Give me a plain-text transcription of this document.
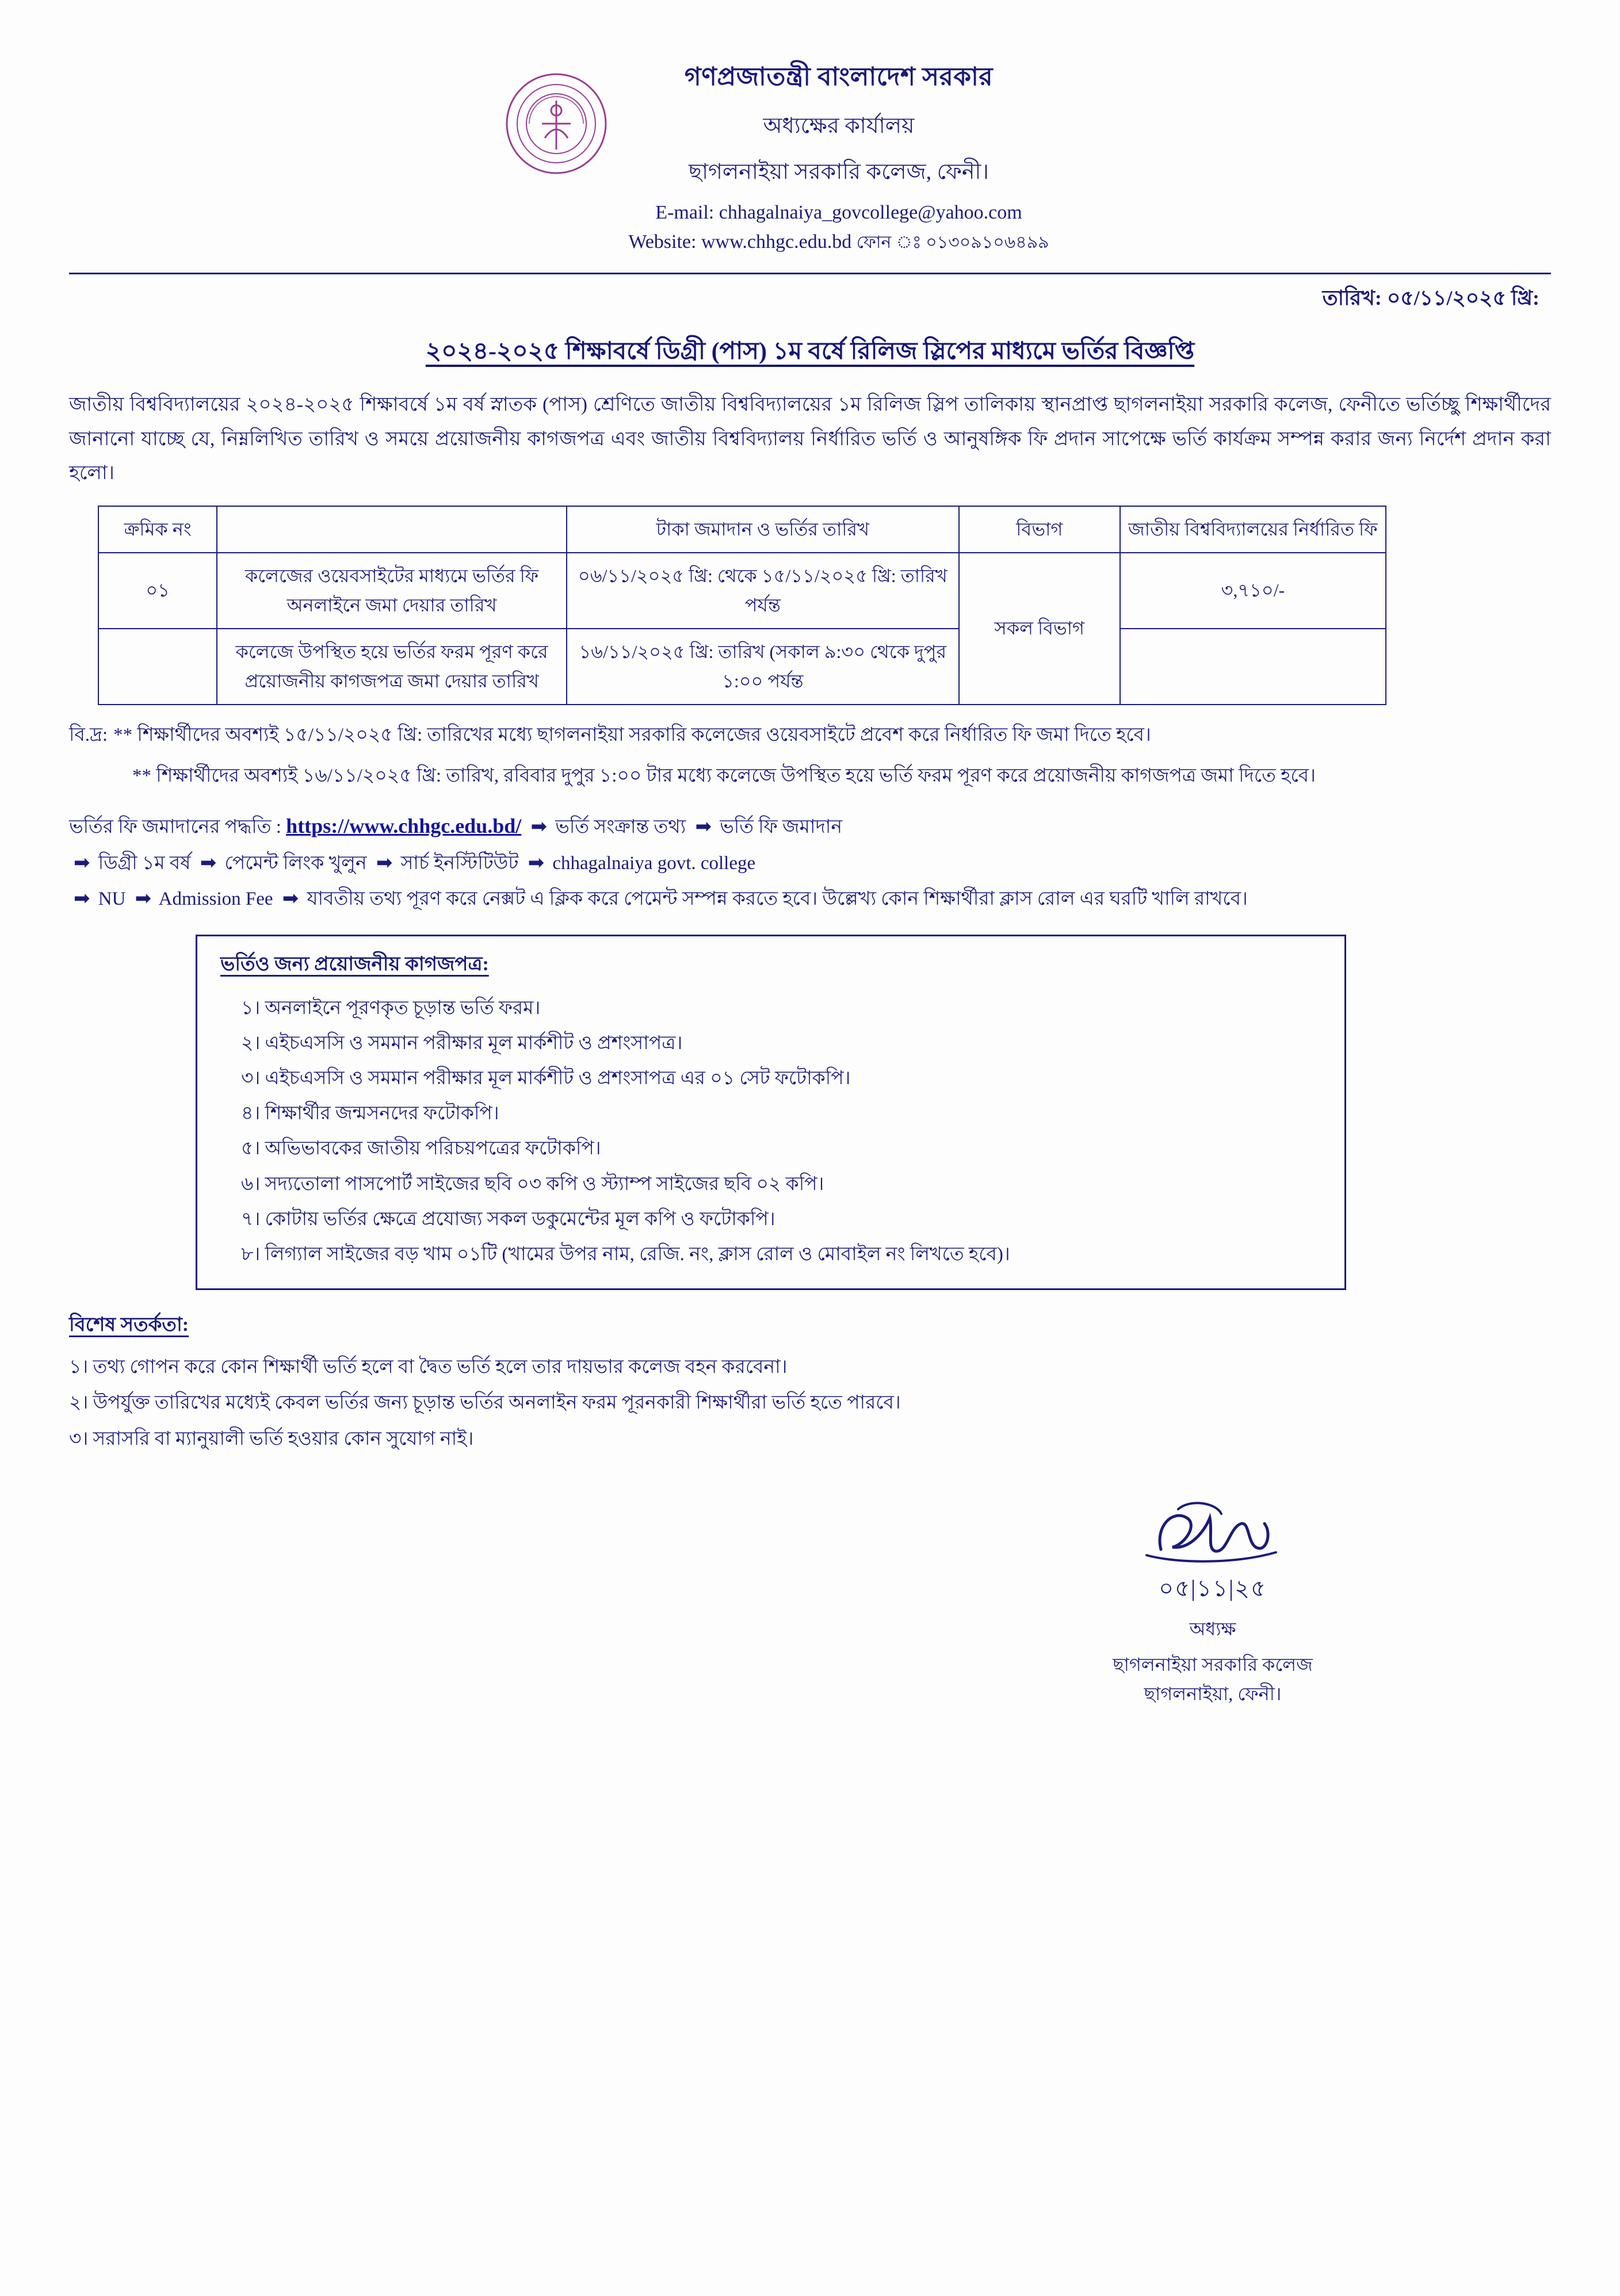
গণপ্রজাতন্ত্রী বাংলাদেশ সরকার
অধ্যক্ষের কার্যালয়
ছাগলনাইয়া সরকারি কলেজ, ফেনী।
E-mail: chhagalnaiya_govcollege@yahoo.com
Website: www.chhgc.edu.bd ফোন ঃ ০১৩০৯১০৬৪৯৯
তারিখ: ০৫/১১/২০২৫ খ্রি:
২০২৪-২০২৫ শিক্ষাবর্ষে ডিগ্রী (পাস) ১ম বর্ষে রিলিজ স্লিপের মাধ্যমে ভর্তির বিজ্ঞপ্তি

জাতীয় বিশ্ববিদ্যালয়ের ২০২৪-২০২৫ শিক্ষাবর্ষে ১ম বর্ষ স্নাতক (পাস) শ্রেণিতে জাতীয় বিশ্ববিদ্যালয়ের ১ম রিলিজ স্লিপ তালিকায় স্থানপ্রাপ্ত ছাগলনাইয়া সরকারি কলেজ, ফেনীতে ভর্তিচ্ছু শিক্ষার্থীদের জানানো যাচ্ছে যে, নিম্নলিখিত তারিখ ও সময়ে প্রয়োজনীয় কাগজপত্র এবং জাতীয় বিশ্ববিদ্যালয় নির্ধারিত ভর্তি ও আনুষঙ্গিক ফি প্রদান সাপেক্ষে ভর্তি কার্যক্রম সম্পন্ন করার জন্য নির্দেশ প্রদান করা হলো।

ক্রমিক নং		টাকা জমাদান ও ভর্তির তারিখ	বিভাগ	জাতীয় বিশ্ববিদ্যালয়ের নির্ধারিত ফি
০১	কলেজের ওয়েবসাইটের মাধ্যমে ভর্তির ফি অনলাইনে জমা দেয়ার তারিখ	০৬/১১/২০২৫ খ্রি: থেকে ১৫/১১/২০২৫ খ্রি: তারিখ পর্যন্ত	সকল বিভাগ	৩,৭১০/-
	কলেজে উপস্থিত হয়ে ভর্তির ফরম পূরণ করে প্রয়োজনীয় কাগজপত্র জমা দেয়ার তারিখ	১৬/১১/২০২৫ খ্রি: তারিখ (সকাল ৯:৩০ থেকে দুপুর ১:০০ পর্যন্ত		
বি.দ্র: ** শিক্ষার্থীদের অবশ্যই ১৫/১১/২০২৫ খ্রি: তারিখের মধ্যে ছাগলনাইয়া সরকারি কলেজের ওয়েবসাইটে প্রবেশ করে নির্ধারিত ফি জমা দিতে হবে।
** শিক্ষার্থীদের অবশ্যই ১৬/১১/২০২৫ খ্রি: তারিখ, রবিবার দুপুর ১:০০ টার মধ্যে কলেজে উপস্থিত হয়ে ভর্তি ফরম পূরণ করে প্রয়োজনীয় কাগজপত্র জমা দিতে হবে।
ভর্তির ফি জমাদানের পদ্ধতি : https://www.chhgc.edu.bd/ ➡ ভর্তি সংক্রান্ত তথ্য ➡ ভর্তি ফি জমাদান
➡ ডিগ্রী ১ম বর্ষ ➡ পেমেন্ট লিংক খুলুন ➡ সার্চ ইনস্টিটিউট ➡ chhagalnaiya govt. college
➡ NU ➡ Admission Fee ➡ যাবতীয় তথ্য পূরণ করে নেক্সট এ ক্লিক করে পেমেন্ট সম্পন্ন করতে হবে। উল্লেখ্য কোন শিক্ষার্থীরা ক্লাস রোল এর ঘরটি খালি রাখবে।
ভর্তিও জন্য প্রয়োজনীয় কাগজপত্র:
১। অনলাইনে পূরণকৃত চূড়ান্ত ভর্তি ফরম।
২। এইচএসসি ও সমমান পরীক্ষার মূল মার্কশীট ও প্রশংসাপত্র।
৩। এইচএসসি ও সমমান পরীক্ষার মূল মার্কশীট ও প্রশংসাপত্র এর ০১ সেট ফটোকপি।
৪। শিক্ষার্থীর জন্মসনদের ফটোকপি।
৫। অভিভাবকের জাতীয় পরিচয়পত্রের ফটোকপি।
৬। সদ্যতোলা পাসপোর্ট সাইজের ছবি ০৩ কপি ও স্ট্যাম্প সাইজের ছবি ০২ কপি।
৭। কোটায় ভর্তির ক্ষেত্রে প্রযোজ্য সকল ডকুমেন্টের মূল কপি ও ফটোকপি।
৮। লিগ্যাল সাইজের বড় খাম ০১টি (খামের উপর নাম, রেজি. নং, ক্লাস রোল ও মোবাইল নং লিখতে হবে)।
বিশেষ সতর্কতা:
১। তথ্য গোপন করে কোন শিক্ষার্থী ভর্তি হলে বা দ্বৈত ভর্তি হলে তার দায়ভার কলেজ বহন করবেনা।
২। উপর্যুক্ত তারিখের মধ্যেই কেবল ভর্তির জন্য চূড়ান্ত ভর্তির অনলাইন ফরম পূরনকারী শিক্ষার্থীরা ভর্তি হতে পারবে।
৩। সরাসরি বা ম্যানুয়ালী ভর্তি হওয়ার কোন সুযোগ নাই।
০৫|১১|২৫
অধ্যক্ষ
ছাগলনাইয়া সরকারি কলেজ
ছাগলনাইয়া, ফেনী।
